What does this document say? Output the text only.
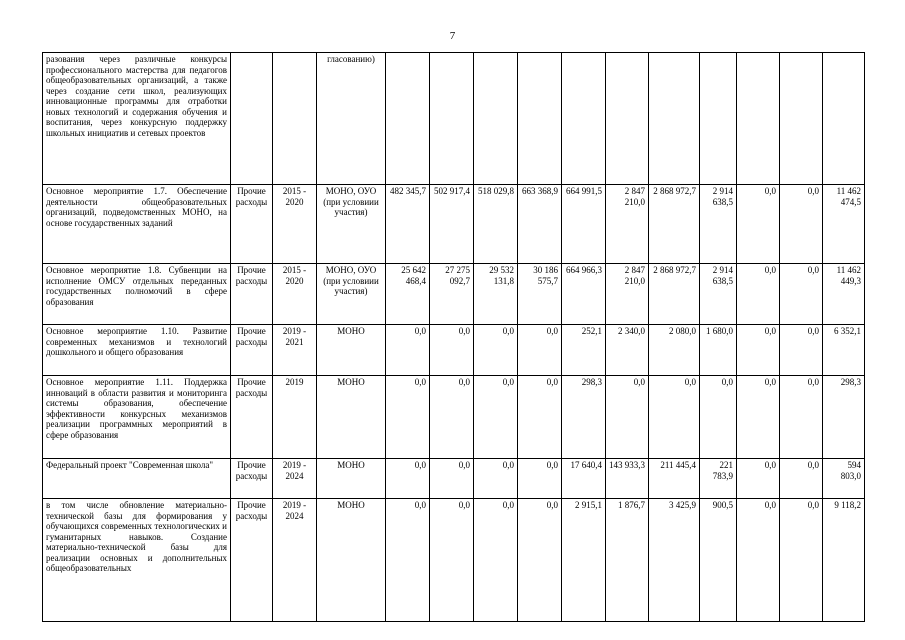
7
разования через различные конкурсы профессионального мастерства для педагогов общеобразовательных организаций, а также через создание сети школ, реализующих инновационные программы для отработки новых технологий и содержания обучения и воспитания, через конкурсную поддержку школьных инициатив и сетевых проектов			гласованию)											
Основное мероприятие 1.7. Обеспечение деятельности общеобразовательных организаций, подведомственных МОНО, на основе государственных заданий	Прочие расходы	2015 - 2020	МОНО, ОУО (при условиии участия)	482 345,7	502 917,4	518 029,8	663 368,9	664 991,5	2 847 210,0	2 868 972,7	2 914 638,5	0,0	0,0	11 462 474,5
Основное мероприятие 1.8. Субвенции на исполнение ОМСУ отдельных переданных государственных полномочий в сфере образования	Прочие расходы	2015 - 2020	МОНО, ОУО (при условиии участия)	25 642 468,4	27 275 092,7	29 532 131,8	30 186 575,7	664 966,3	2 847 210,0	2 868 972,7	2 914 638,5	0,0	0,0	11 462 449,3
Основное мероприятие 1.10. Развитие современных механизмов и технологий дошкольного и общего образования	Прочие расходы	2019 - 2021	МОНО	0,0	0,0	0,0	0,0	252,1	2 340,0	2 080,0	1 680,0	0,0	0,0	6 352,1
Основное мероприятие 1.11. Поддержка инноваций в области развития и мониторинга системы образования, обеспечение эффективности конкурсных механизмов реализации программных мероприятий в сфере образования	Прочие расходы	2019	МОНО	0,0	0,0	0,0	0,0	298,3	0,0	0,0	0,0	0,0	0,0	298,3
Федеральный проект "Современная школа"	Прочие расходы	2019 - 2024	МОНО	0,0	0,0	0,0	0,0	17 640,4	143 933,3	211 445,4	221 783,9	0,0	0,0	594 803,0
в том числе обновление материально-технической базы для формирования у обучающихся современных технологических и гуманитарных навыков. Создание материально-технической базы для реализации основных и дополнительных общеобразовательных	Прочие расходы	2019 - 2024	МОНО	0,0	0,0	0,0	0,0	2 915,1	1 876,7	3 425,9	900,5	0,0	0,0	9 118,2
